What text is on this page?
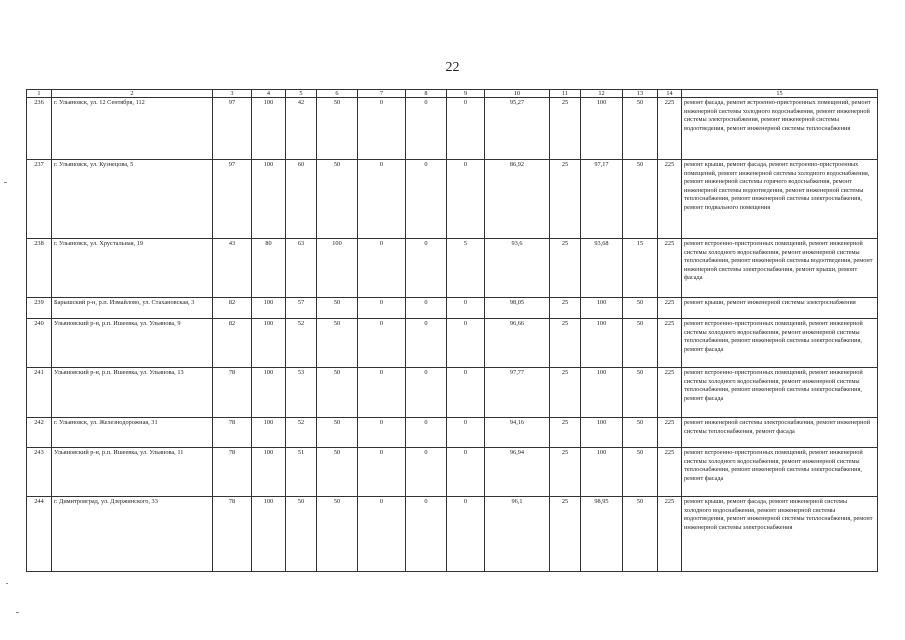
22
1	2	3	4	5	6	7	8	9	10	11	12	13	14	15
236	г. Ульяновск, ул. 12 Сентября, 112	97	100	42	50	0	0	0	95,27	25	100	50	225	ремонт фасада, ремонт встроенно-пристроенных помещений, ремонт инженерной системы холодного водоснабжения, ремонт инженерной системы электроснабжения, ремонт инженерной системы водоотведения, ремонт инженерной системы теплоснабжения
237	г. Ульяновск, ул. Кузнецова, 5	97	100	60	50	0	0	0	86,92	25	97,17	50	225	ремонт крыши, ремонт фасада, ремонт встроенно-пристроенных помещений, ремонт инженерной системы холодного водоснабжения, ремонт инженерной системы горячего водоснабжения, ремонт инженерной системы водоотведения, ремонт инженерной системы теплоснабжения, ремонт инженерной системы электроснабжения, ремонт подвального помещения
238	г. Ульяновск, ул. Хрустальная, 19	43	80	63	100	0	0	5	93,6	25	93,68	15	225	ремонт встроенно-пристроенных помещений, ремонт инженерной системы холодного водоснабжения, ремонт инженерной системы теплоснабжения, ремонт инженерной системы водоотведения, ремонт инженерной системы электроснабжения, ремонт крыши, ремонт фасада
239	Барышский р-н, р.п. Измайлово, ул. Стахановская, 3	82	100	57	50	0	0	0	98,05	25	100	50	225	ремонт крыши, ремонт инженерной системы электроснабжения
240	Ульяновский р-н, р.п. Ишеевка, ул. Ульянова, 9	82	100	52	50	0	0	0	96,66	25	100	50	225	ремонт встроенно-пристроенных помещений, ремонт инженерной системы холодного водоснабжения, ремонт инженерной системы теплоснабжения, ремонт инженерной системы электроснабжения, ремонт фасада
241	Ульяновский р-н, р.п. Ишеевка, ул. Ульянова, 13	78	100	53	50	0	0	0	97,77	25	100	50	225	ремонт встроенно-пристроенных помещений, ремонт инженерной системы холодного водоснабжения, ремонт инженерной системы теплоснабжения, ремонт инженерной системы электроснабжения, ремонт фасада
242	г. Ульяновск, ул. Железнодорожная, 31	78	100	52	50	0	0	0	94,16	25	100	50	225	ремонт инженерной системы электроснабжения, ремонт инженерной системы теплоснабжения, ремонт фасада
243	Ульяновский р-н, р.п. Ишеевка, ул. Ульянова, 11	78	100	51	50	0	0	0	96,94	25	100	50	225	ремонт встроенно-пристроенных помещений, ремонт инженерной системы холодного водоснабжения, ремонт инженерной системы теплоснабжения, ремонт инженерной системы электроснабжения, ремонт фасада
244	г. Димитровград, ул. Дзержинского, 33	78	100	50	50	0	0	0	96,1	25	98,95	50	225	ремонт крыши, ремонт фасада, ремонт инженерной системы холодного водоснабжения, ремонт инженерной системы водоотведения, ремонт инженерной системы теплоснабжения, ремонт инженерной системы электроснабжения
